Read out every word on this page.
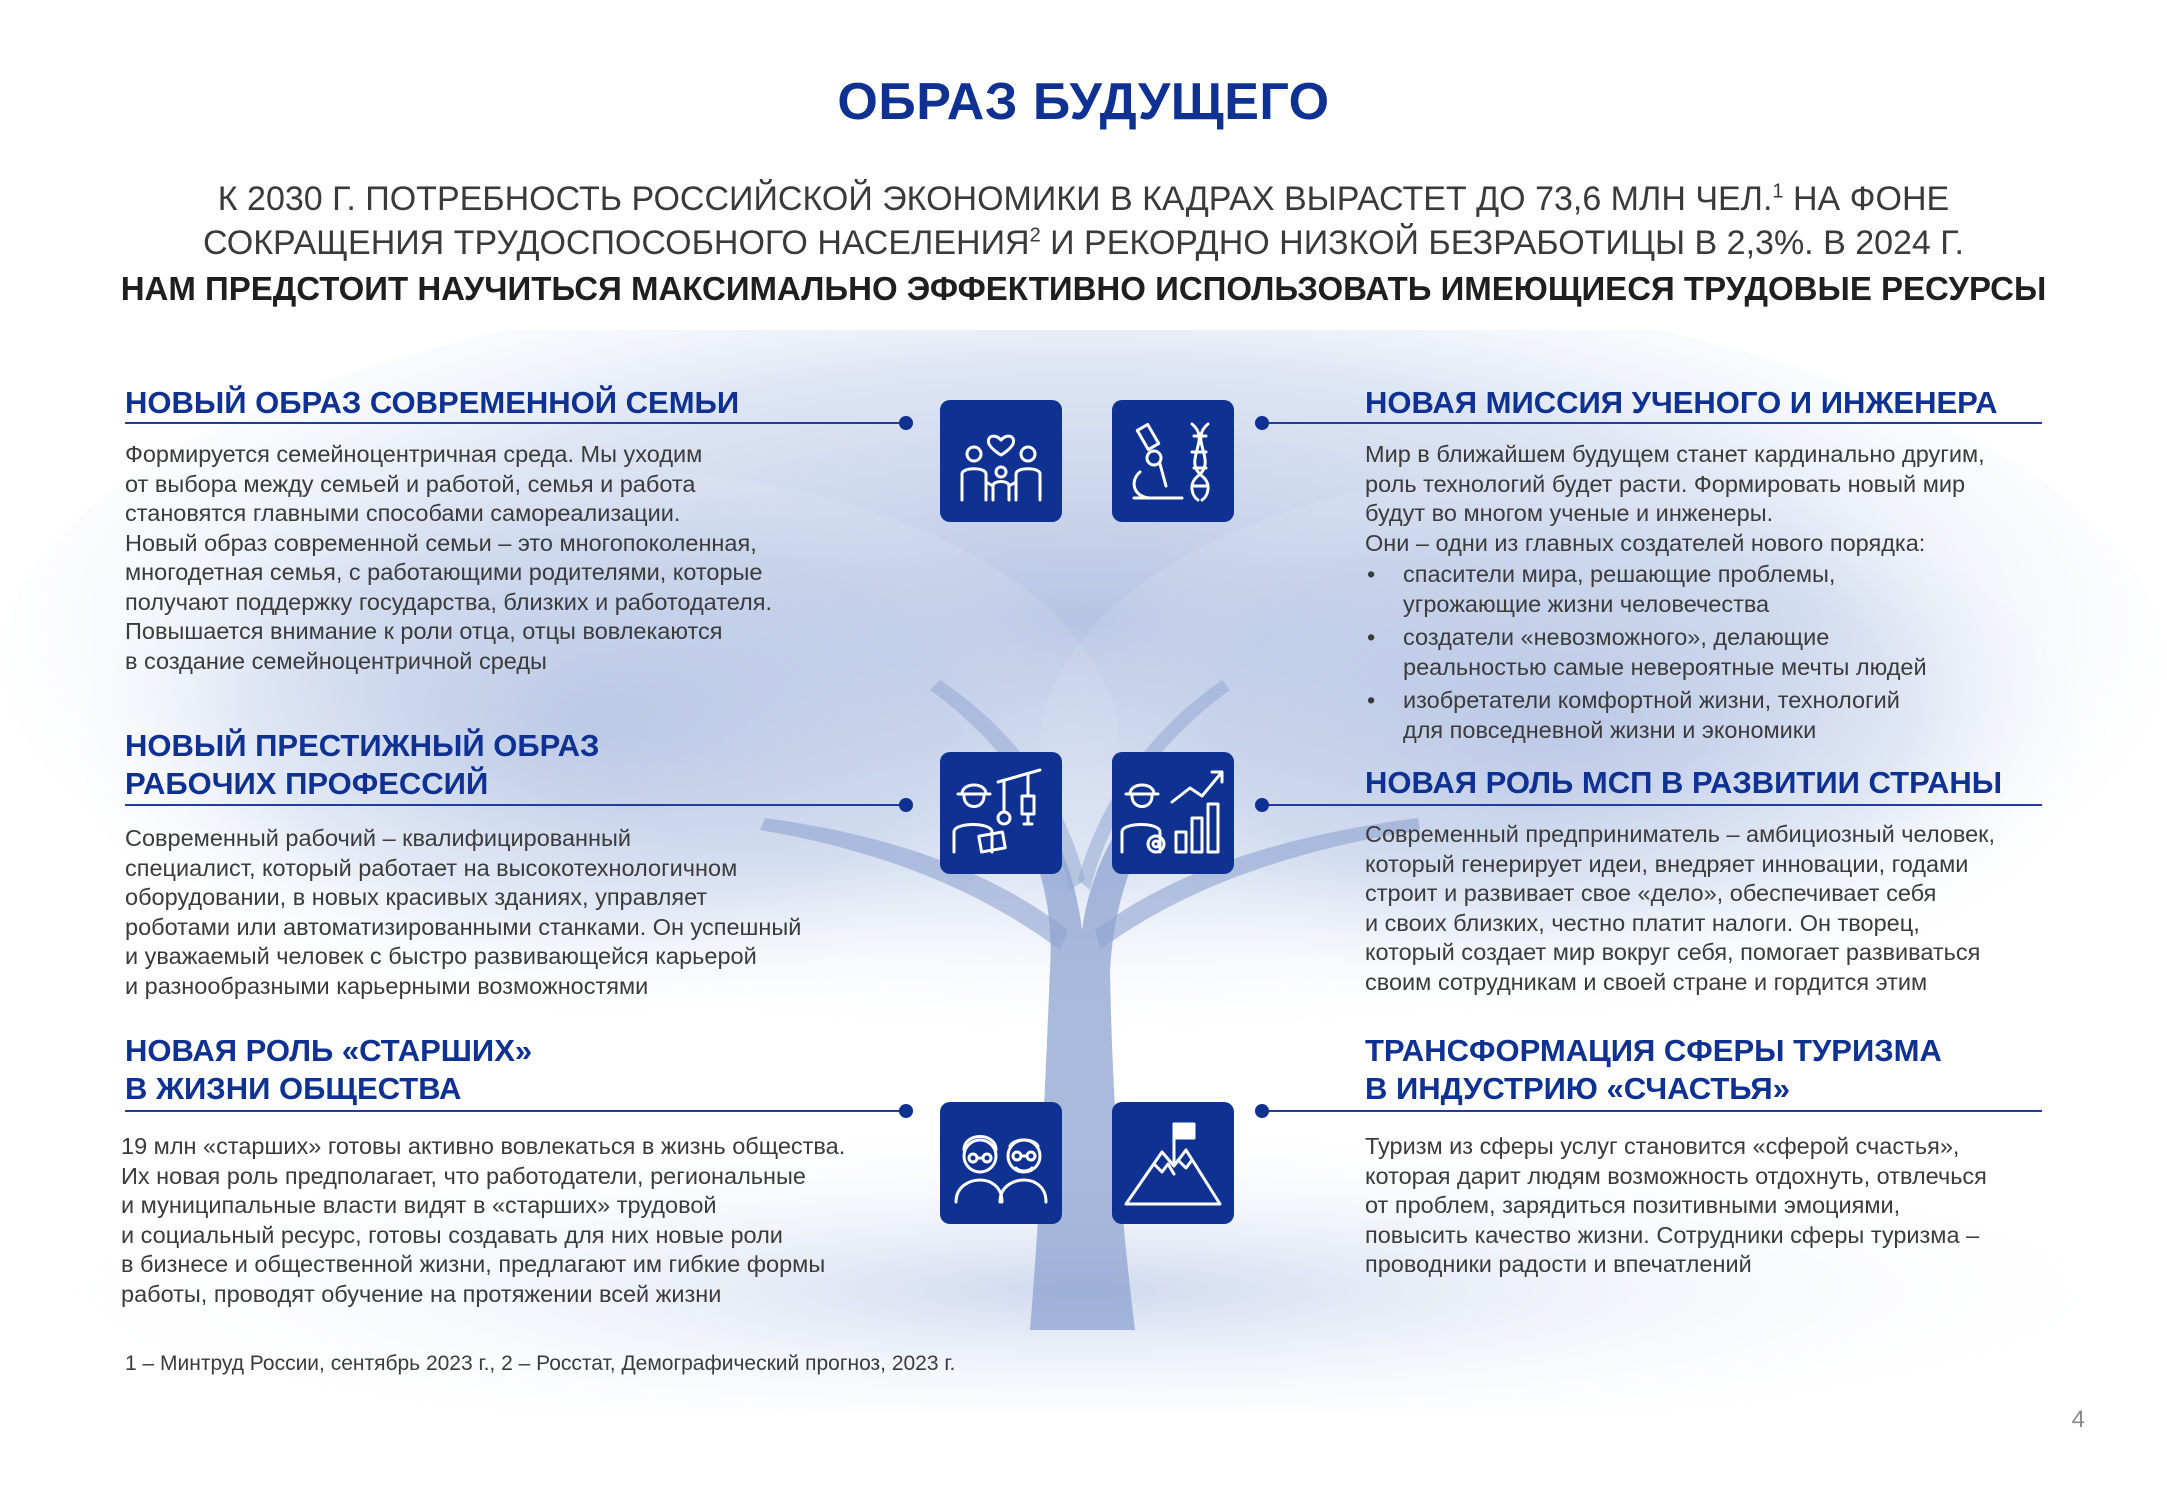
ОБРАЗ БУДУЩЕГО
К 2030 Г. ПОТРЕБНОСТЬ РОССИЙСКОЙ ЭКОНОМИКИ В КАДРАХ ВЫРАСТЕТ ДО 73,6 МЛН ЧЕЛ.$^1$ НА ФОНЕ
СОКРАЩЕНИЯ ТРУДОСПОСОБНОГО НАСЕЛЕНИЯ$^2$ И РЕКОРДНО НИЗКОЙ БЕЗРАБОТИЦЫ В 2,3%. В 2024 Г.
НАМ ПРЕДСТОИТ НАУЧИТЬСЯ МАКСИМАЛЬНО ЭФФЕКТИВНО ИСПОЛЬЗОВАТЬ ИМЕЮЩИЕСЯ ТРУДОВЫЕ РЕСУРСЫ
НОВЫЙ ОБРАЗ СОВРЕМЕННОЙ СЕМЬИ
Формируется семейноцентричная среда. Мы уходим
от выбора между семьей и работой, семья и работа
становятся главными способами самореализации.
Новый образ современной семьи – это многопоколенная,
многодетная семья, с работающими родителями, которые
получают поддержку государства, близких и работодателя.
Повышается внимание к роли отца, отцы вовлекаются
в создание семейноцентричной среды
НОВЫЙ ПРЕСТИЖНЫЙ ОБРАЗ
РАБОЧИХ ПРОФЕССИЙ
Современный рабочий – квалифицированный
специалист, который работает на высокотехнологичном
оборудовании, в новых красивых зданиях, управляет
роботами или автоматизированными станками. Он успешный
и уважаемый человек с быстро развивающейся карьерой
и разнообразными карьерными возможностями
НОВАЯ РОЛЬ «СТАРШИХ»
В ЖИЗНИ ОБЩЕСТВА
19 млн «старших» готовы активно вовлекаться в жизнь общества.
Их новая роль предполагает, что работодатели, региональные
и муниципальные власти видят в «старших» трудовой
и социальный ресурс, готовы создавать для них новые роли
в бизнесе и общественной жизни, предлагают им гибкие формы
работы, проводят обучение на протяжении всей жизни
НОВАЯ МИССИЯ УЧЕНОГО И ИНЖЕНЕРА
Мир в ближайшем будущем станет кардинально другим,
роль технологий будет расти. Формировать новый мир
будут во многом ученые и инженеры.
Они – одни из главных создателей нового порядка:
• спасители мира, решающие проблемы,
угрожающие жизни человечества
• создатели «невозможного», делающие
реальностью самые невероятные мечты людей
• изобретатели комфортной жизни, технологий
для повседневной жизни и экономики
НОВАЯ РОЛЬ МСП В РАЗВИТИИ СТРАНЫ
Современный предприниматель – амбициозный человек,
который генерирует идеи, внедряет инновации, годами
строит и развивает свое «дело», обеспечивает себя
и своих близких, честно платит налоги. Он творец,
который создает мир вокруг себя, помогает развиваться
своим сотрудникам и своей стране и гордится этим
ТРАНСФОРМАЦИЯ СФЕРЫ ТУРИЗМА
В ИНДУСТРИЮ «СЧАСТЬЯ»
Туризм из сферы услуг становится «сферой счастья»,
которая дарит людям возможность отдохнуть, отвлечься
от проблем, зарядиться позитивными эмоциями,
повысить качество жизни. Сотрудники сферы туризма –
проводники радости и впечатлений
1 – Минтруд России, сентябрь 2023 г., 2 – Росстат, Демографический прогноз, 2023 г.
4
